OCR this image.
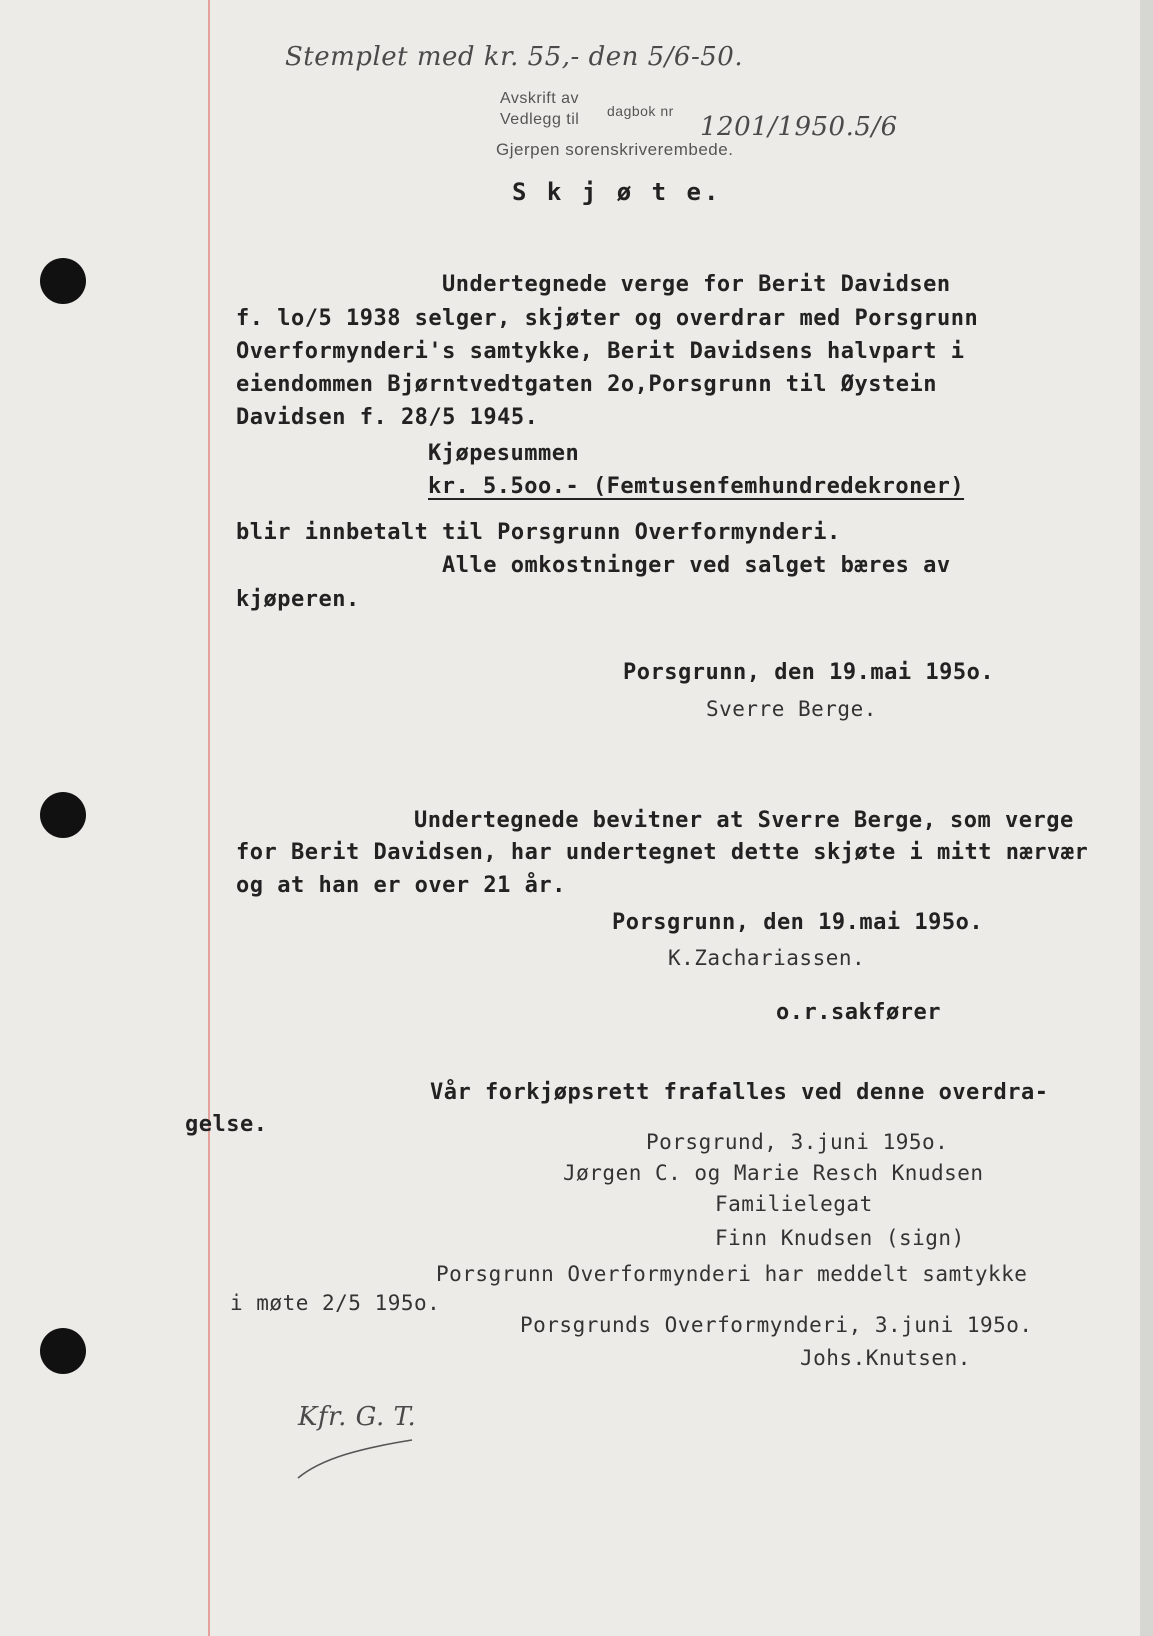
Stemplet med kr. 55,- den 5/6-50.
Avskrift av
Vedlegg til dagbok nr
1201/1950.5/6
Gjerpen sorenskriverembede.
S k j ø t e.
Undertegnede verge for Berit Davidsen
f. lo/5 1938 selger, skjøter og overdrar med Porsgrunn
Overformynderi's samtykke, Berit Davidsens halvpart i
eiendommen Bjørntvedtgaten 2o,Porsgrunn til Øystein
Davidsen f. 28/5 1945.
Kjøpesummen
kr. 5.5oo.- (Femtusenfemhundredekroner)
blir innbetalt til Porsgrunn Overformynderi.
Alle omkostninger ved salget bæres av
kjøperen.
Porsgrunn, den 19.mai 195o.
Sverre Berge.
Undertegnede bevitner at Sverre Berge, som verge
for Berit Davidsen, har undertegnet dette skjøte i mitt nærvær
og at han er over 21 år.
Porsgrunn, den 19.mai 195o.
K.Zachariassen.
o.r.sakfører
Vår forkjøpsrett frafalles ved denne overdra-
gelse.
Porsgrund, 3.juni 195o.
Jørgen C. og Marie Resch Knudsen
Familielegat
Finn Knudsen (sign)
Porsgrunn Overformynderi har meddelt samtykke
i møte 2/5 195o.
Porsgrunds Overformynderi, 3.juni 195o.
Johs.Knutsen.
Kfr. G. T.
